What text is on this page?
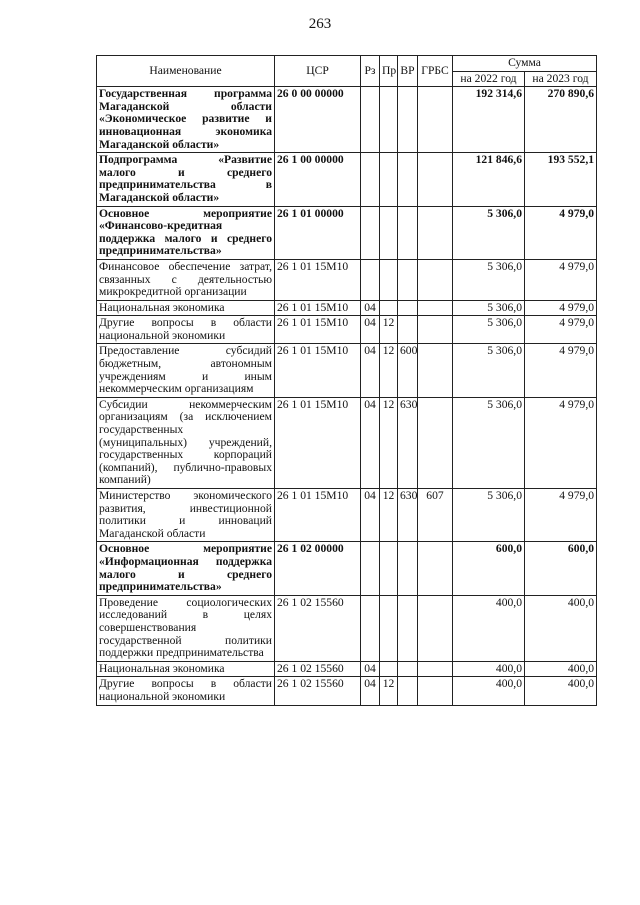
263
Наименование	ЦСР	Рз	Пр	ВР	ГРБС	Сумма	
						на 2022 год	на 2023 год
Государственная программа Магаданской области «Экономическое развитие и инновационная экономика Магаданской области»	26 0 00 00000					192 314,6	270 890,6
Подпрограмма «Развитие малого и среднего предпринимательства в Магаданской области»	26 1 00 00000					121 846,6	193 552,1
Основное мероприятие «Финансово-кредитная поддержка малого и среднего предпринимательства»	26 1 01 00000					5 306,0	4 979,0
Финансовое обеспечение затрат, связанных с деятельностью микрокредитной организации	26 1 01 15М10					5 306,0	4 979,0
Национальная экономика	26 1 01 15М10	04				5 306,0	4 979,0
Другие вопросы в области национальной экономики	26 1 01 15М10	04	12			5 306,0	4 979,0
Предоставление субсидий бюджетным, автономным учреждениям и иным некоммерческим организациям	26 1 01 15М10	04	12	600		5 306,0	4 979,0
Субсидии некоммерческим организациям (за исключением государственных (муниципальных) учреждений, государственных корпораций (компаний), публично-правовых компаний)	26 1 01 15М10	04	12	630		5 306,0	4 979,0
Министерство экономического развития, инвестиционной политики и инноваций Магаданской области	26 1 01 15М10	04	12	630	607	5 306,0	4 979,0
Основное мероприятие «Информационная поддержка малого и среднего предпринимательства»	26 1 02 00000					600,0	600,0
Проведение социологических исследований в целях совершенствования государственной политики поддержки предпринимательства	26 1 02 15560					400,0	400,0
Национальная экономика	26 1 02 15560	04				400,0	400,0
Другие вопросы в области национальной экономики	26 1 02 15560	04	12			400,0	400,0
